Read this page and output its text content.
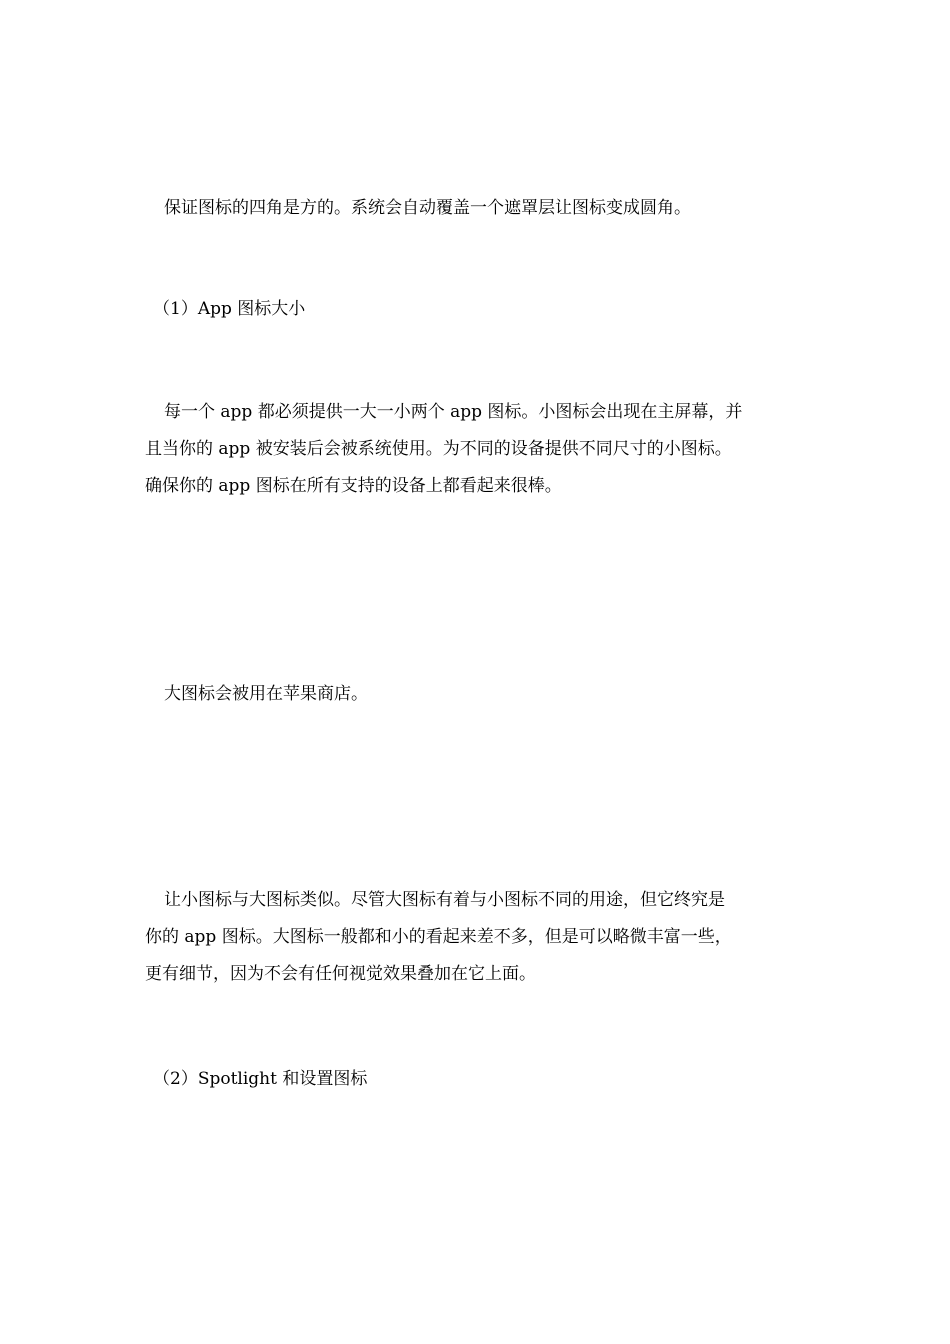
保证图标的四角是方的。系统会自动覆盖一个遮罩层让图标变成圆角。

（1）App 图标大小

每一个 app 都必须提供一大一小两个 app 图标。小图标会出现在主屏幕，并

且当你的 app 被安装后会被系统使用。为不同的设备提供不同尺寸的小图标。

确保你的 app 图标在所有支持的设备上都看起来很棒。

大图标会被用在苹果商店。

让小图标与大图标类似。尽管大图标有着与小图标不同的用途，但它终究是

你的 app 图标。大图标一般都和小的看起来差不多，但是可以略微丰富一些，

更有细节，因为不会有任何视觉效果叠加在它上面。

（2）Spotlight 和设置图标
